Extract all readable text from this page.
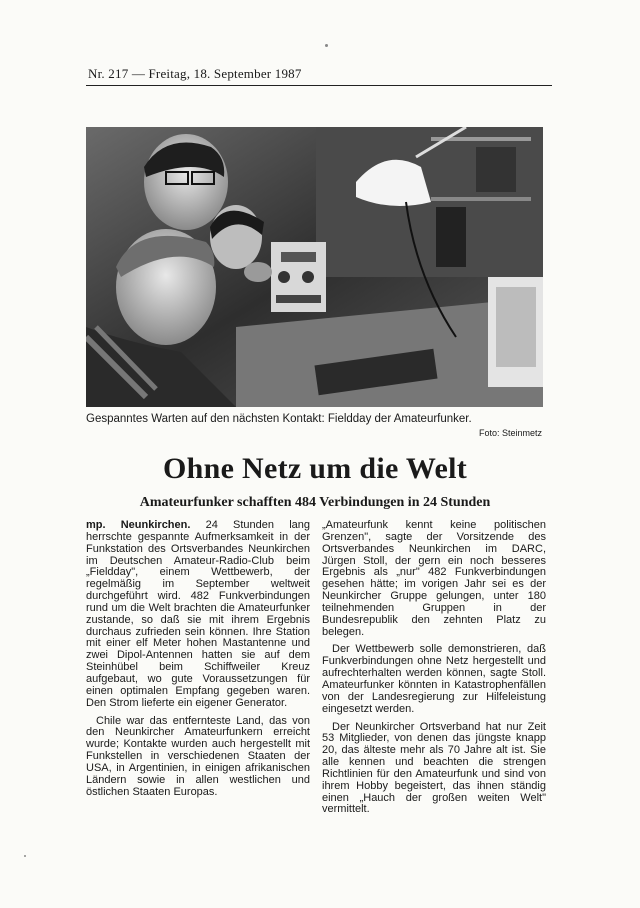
Nr. 217 — Freitag, 18. September 1987
Gespanntes Warten auf den nächsten Kontakt: Fieldday der Amateurfunker.
Foto: Steinmetz
Ohne Netz um die Welt
Amateurfunker schafften 484 Verbindungen in 24 Stunden

mp. Neunkirchen. 24 Stunden lang herrschte gespannte Aufmerksamkeit in der Funkstation des Ortsverbandes Neunkirchen im Deutschen Amateur-Radio-Club beim „Fieldday", einem Wettbewerb, der regelmäßig im September weltweit durchgeführt wird. 482 Funkverbindungen rund um die Welt brachten die Amateurfunker zustande, so daß sie mit ihrem Ergebnis durchaus zufrieden sein können. Ihre Station mit einer elf Meter hohen Mastantenne und zwei Dipol-Antennen hatten sie auf dem Steinhübel beim Schiffweiler Kreuz aufgebaut, wo gute Voraussetzungen für einen optimalen Empfang gegeben waren. Den Strom lieferte ein eigener Generator.

Chile war das entfernteste Land, das von den Neunkircher Amateurfunkern erreicht wurde; Kontakte wurden auch hergestellt mit Funkstellen in verschiedenen Staaten der USA, in Argentinien, in einigen afrikanischen Ländern sowie in allen westlichen und östlichen Staaten Europas.

„Amateurfunk kennt keine politischen Grenzen", sagte der Vorsitzende des Ortsverbandes Neunkirchen im DARC, Jürgen Stoll, der gern ein noch besseres Ergebnis als „nur" 482 Funkverbindungen gesehen hätte; im vorigen Jahr sei es der Neunkircher Gruppe gelungen, unter 180 teilnehmenden Gruppen in der Bundesrepublik den zehnten Platz zu belegen.

Der Wettbewerb solle demonstrieren, daß Funkverbindungen ohne Netz hergestellt und aufrechterhalten werden können, sagte Stoll. Amateurfunker könnten in Katastrophenfällen von der Landesregierung zur Hilfeleistung eingesetzt werden.

Der Neunkircher Ortsverband hat nur Zeit 53 Mitglieder, von denen das jüngste knapp 20, das älteste mehr als 70 Jahre alt ist. Sie alle kennen und beachten die strengen Richtlinien für den Amateurfunk und sind von ihrem Hobby begeistert, das ihnen ständig einen „Hauch der großen weiten Welt" vermittelt.
